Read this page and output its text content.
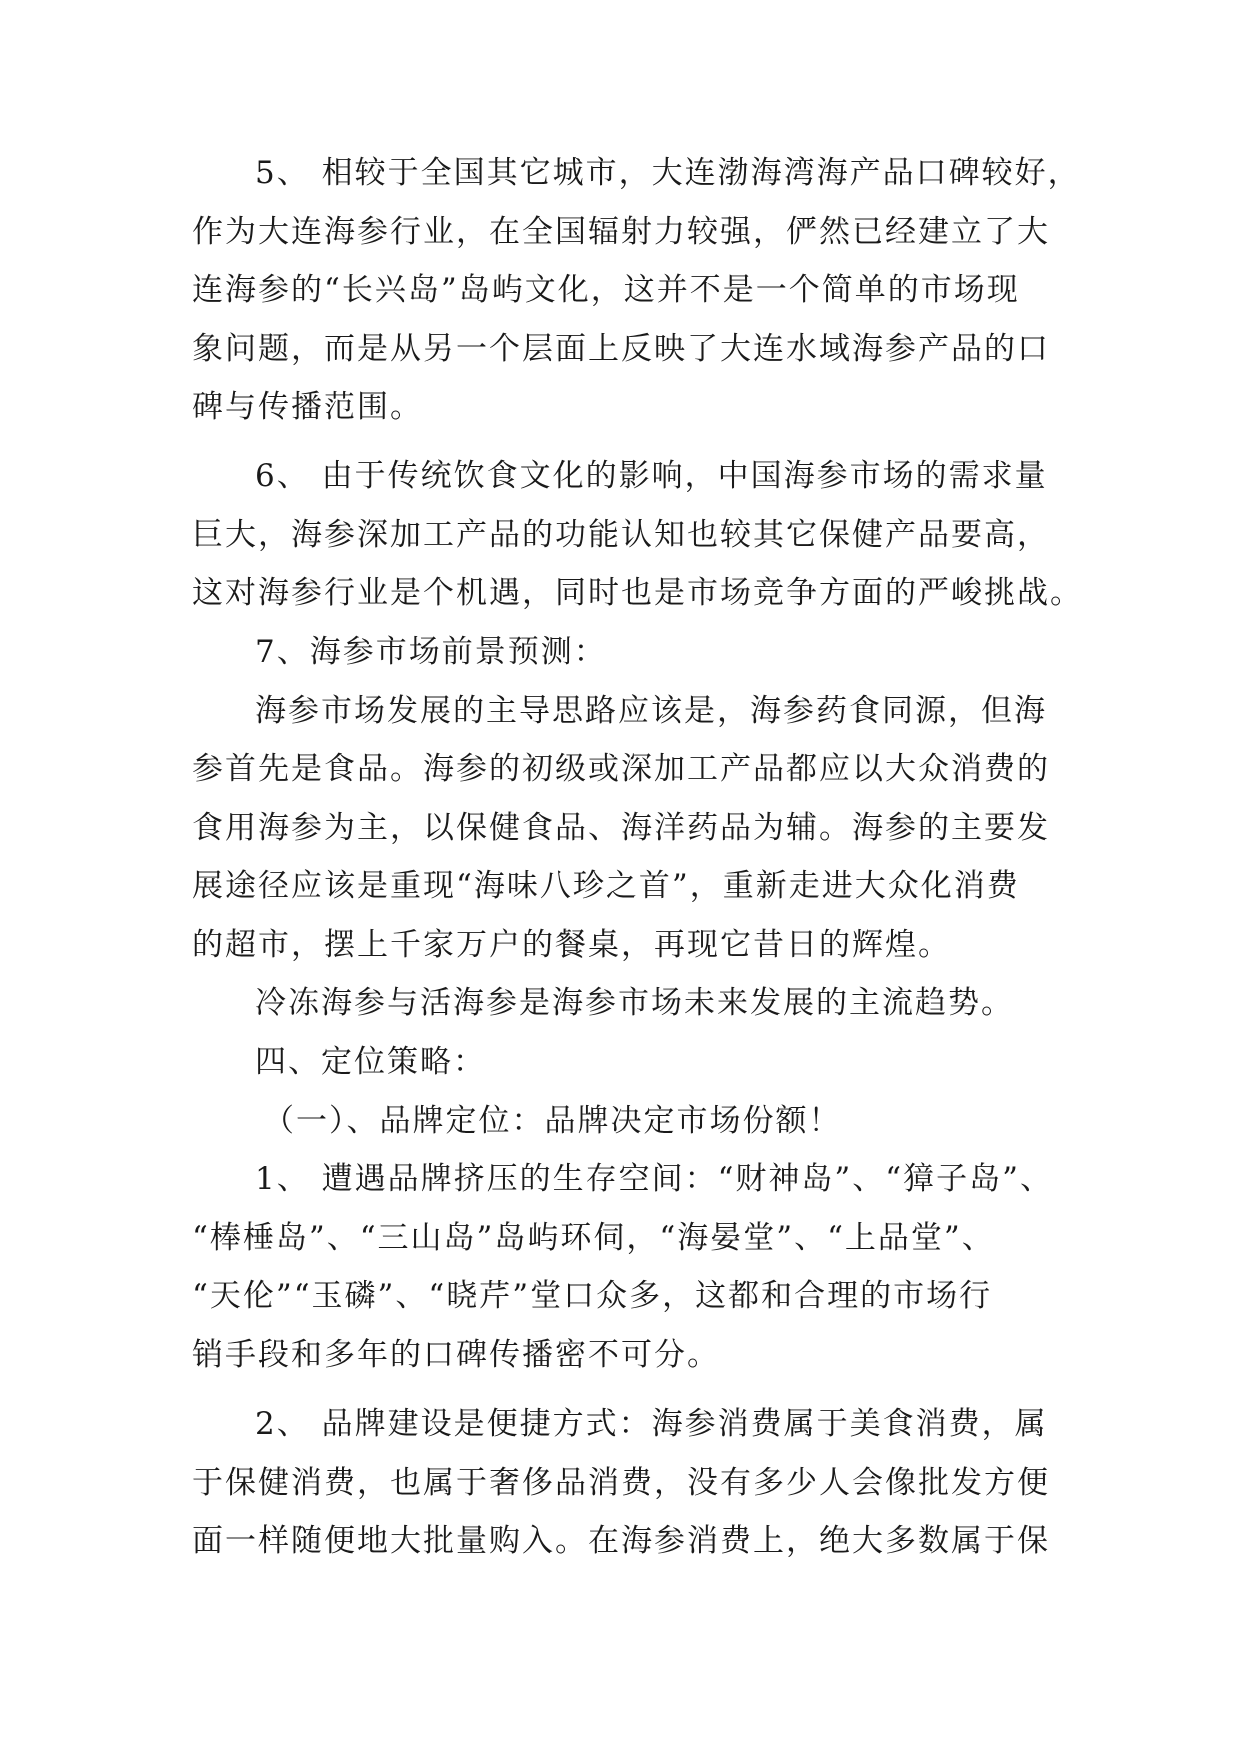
5、 相较于全国其它城市，大连渤海湾海产品口碑较好，
作为大连海参行业，在全国辐射力较强，俨然已经建立了大
连海参的“长兴岛”岛屿文化，这并不是一个简单的市场现
象问题，而是从另一个层面上反映了大连水域海参产品的口
碑与传播范围。
6、 由于传统饮食文化的影响，中国海参市场的需求量
巨大，海参深加工产品的功能认知也较其它保健产品要高，
这对海参行业是个机遇，同时也是市场竞争方面的严峻挑战。
7、海参市场前景预测：
海参市场发展的主导思路应该是，海参药食同源，但海
参首先是食品。海参的初级或深加工产品都应以大众消费的
食用海参为主，以保健食品、海洋药品为辅。海参的主要发
展途径应该是重现“海味八珍之首”，重新走进大众化消费
的超市，摆上千家万户的餐桌，再现它昔日的辉煌。
冷冻海参与活海参是海参市场未来发展的主流趋势。
四、定位策略：
（一）、品牌定位：品牌决定市场份额！
1、 遭遇品牌挤压的生存空间：“财神岛”、“獐子岛”、
“棒棰岛”、“三山岛”岛屿环伺，“海晏堂”、“上品堂”、
“天伦”“玉磷”、“晓芹”堂口众多，这都和合理的市场行
销手段和多年的口碑传播密不可分。
2、 品牌建设是便捷方式：海参消费属于美食消费，属
于保健消费，也属于奢侈品消费，没有多少人会像批发方便
面一样随便地大批量购入。在海参消费上，绝大多数属于保
